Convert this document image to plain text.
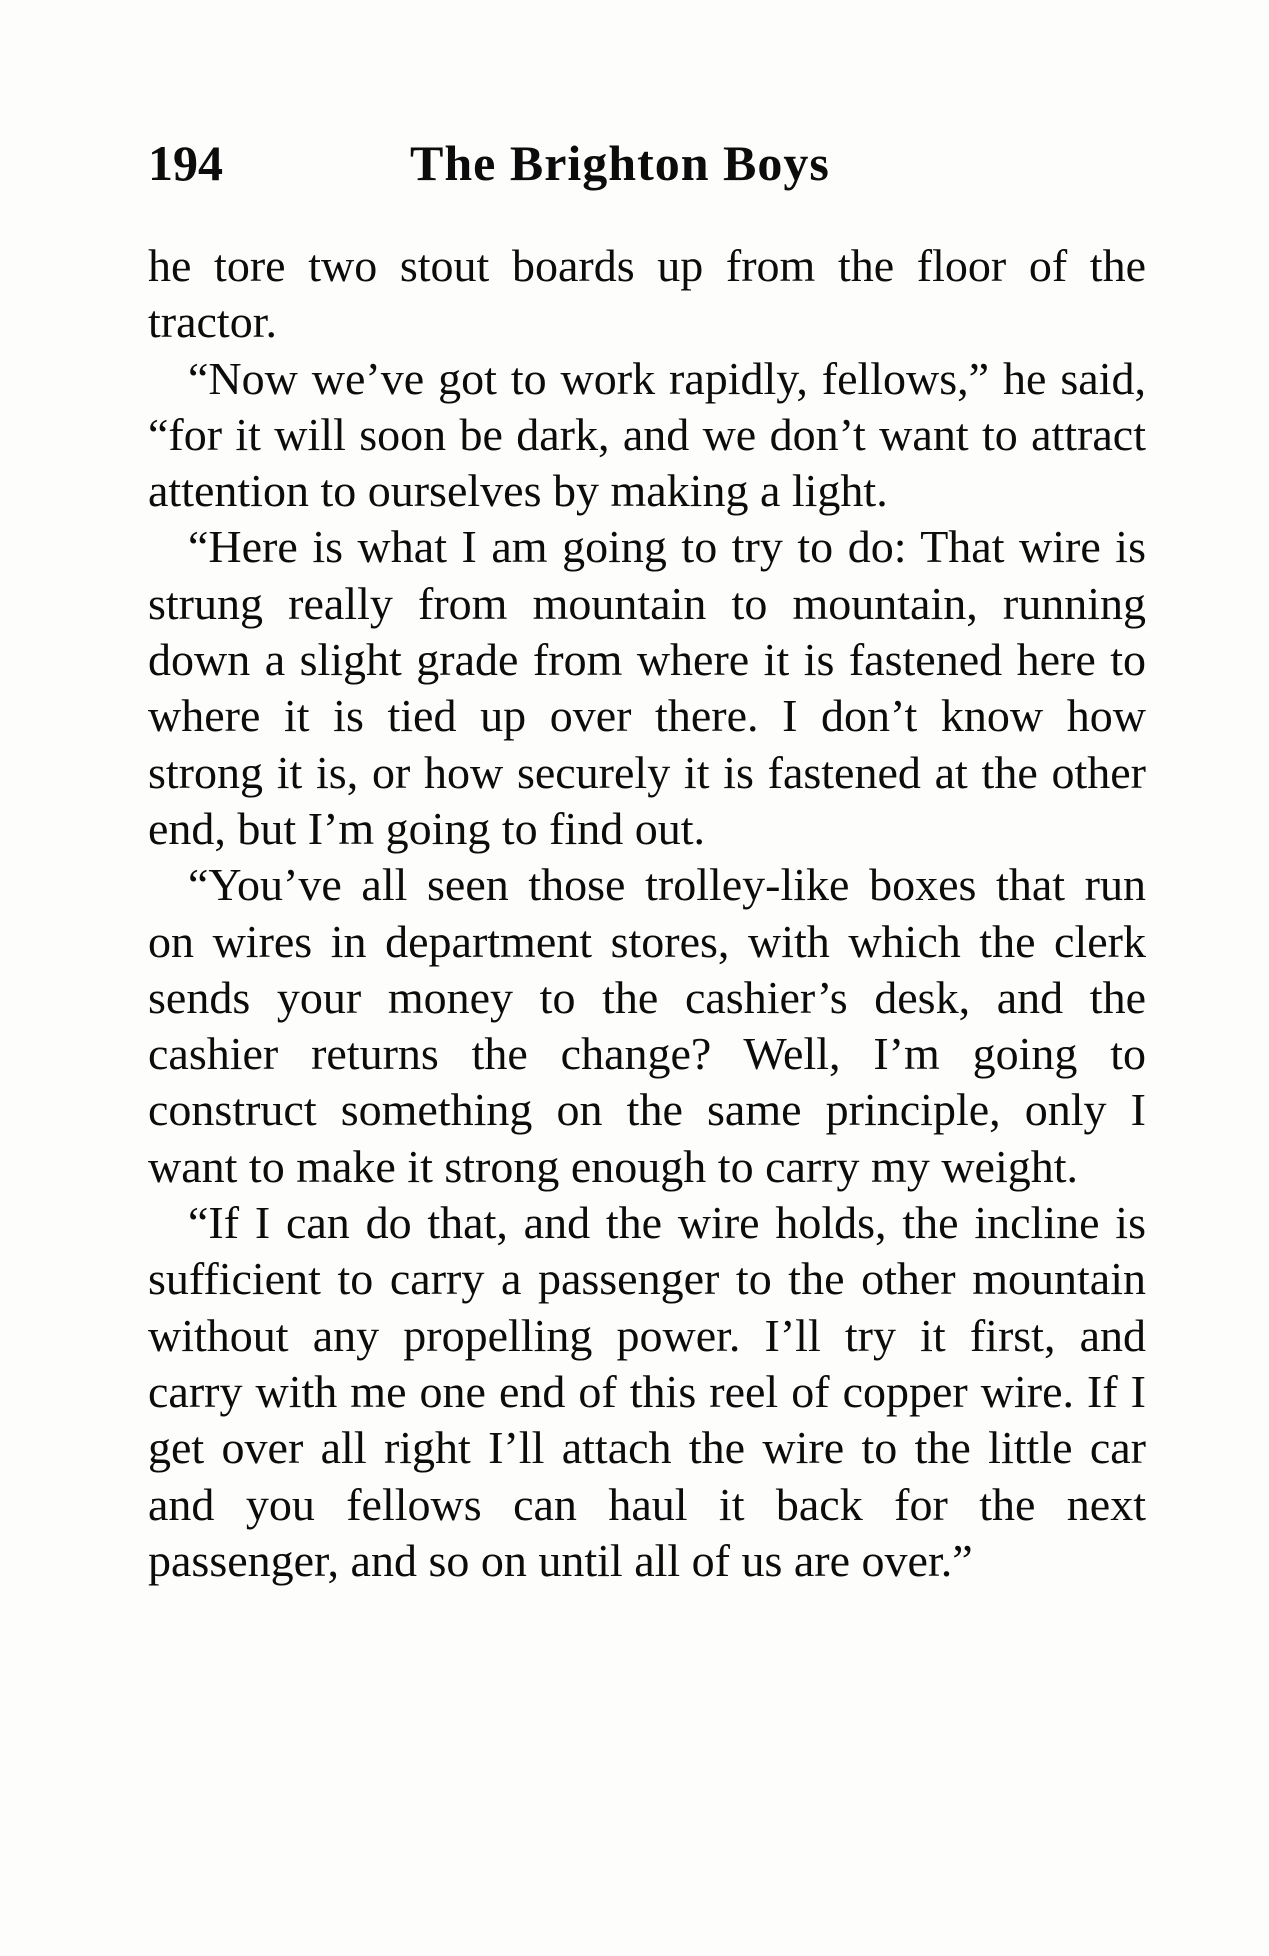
194	The Brighton Boys

he tore two stout boards up from the floor of the tractor.

“Now we’ve got to work rapidly, fellows,” he said, “for it will soon be dark, and we don’t want to attract attention to ourselves by making a light.

“Here is what I am going to try to do: That wire is strung really from mountain to mountain, running down a slight grade from where it is fastened here to where it is tied up over there. I don’t know how strong it is, or how securely it is fastened at the other end, but I’m going to find out.

“You’ve all seen those trolley-like boxes that run on wires in department stores, with which the clerk sends your money to the cashier’s desk, and the cashier returns the change? Well, I’m going to construct something on the same principle, only I want to make it strong enough to carry my weight.

“If I can do that, and the wire holds, the incline is sufficient to carry a passenger to the other mountain without any propelling power. I’ll try it first, and carry with me one end of this reel of copper wire. If I get over all right I’ll attach the wire to the little car and you fellows can haul it back for the next passenger, and so on until all of us are over.”
